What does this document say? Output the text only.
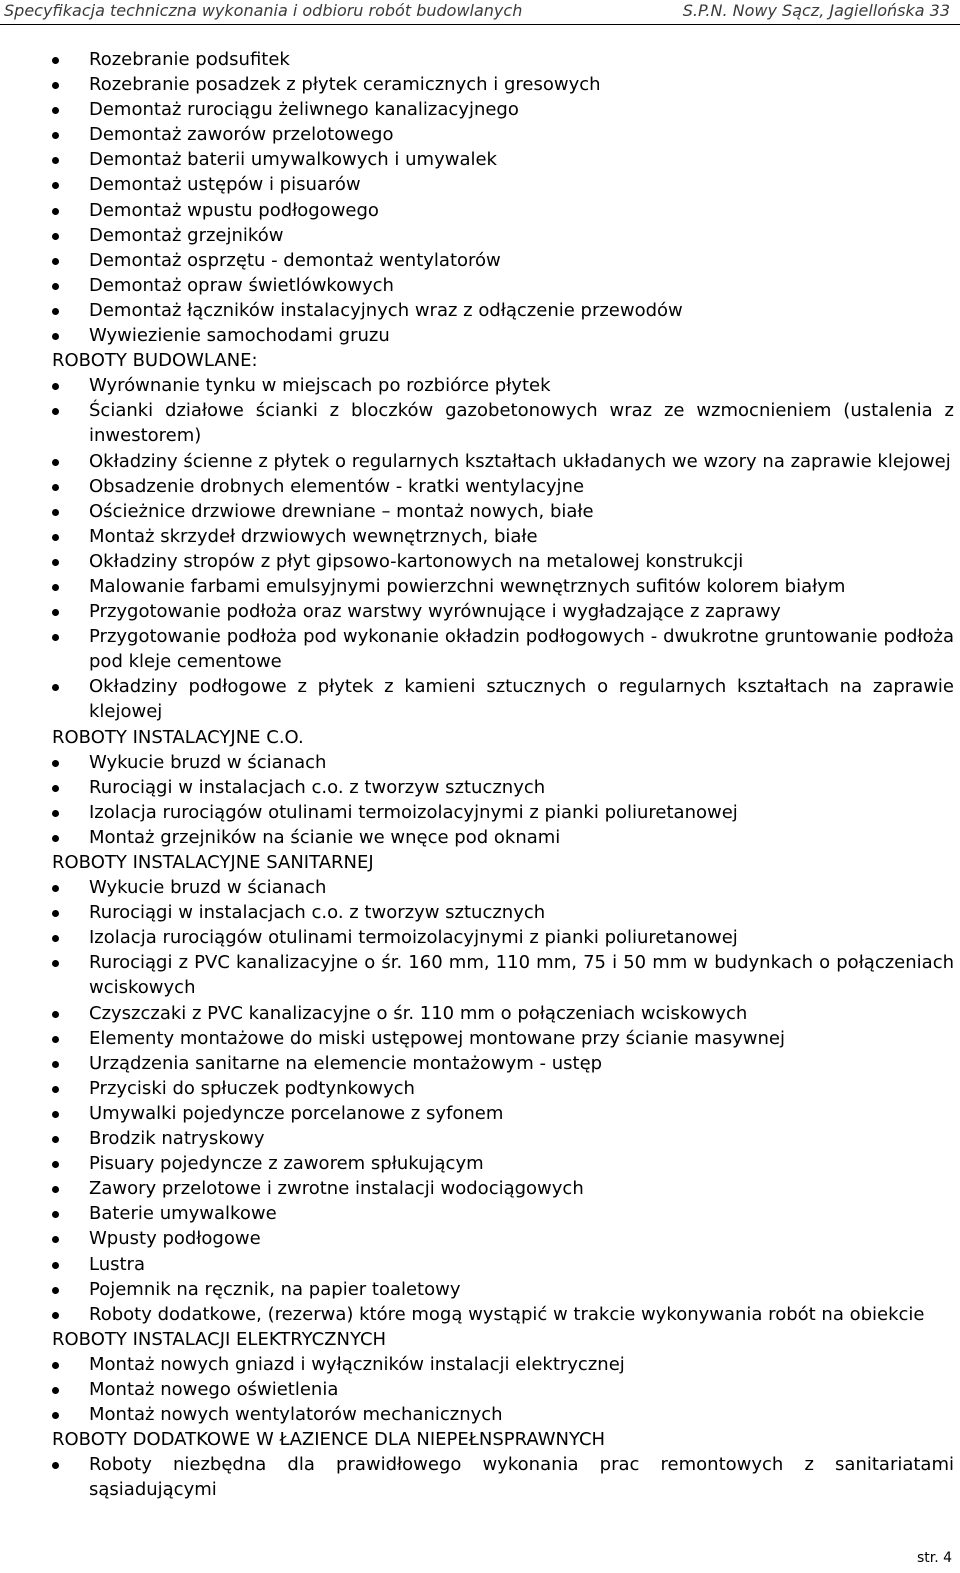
Specyfikacja techniczna wykonania i odbioru robót budowlanych	S.P.N. Nowy Sącz, Jagiellońska 33
Rozebranie podsufitek
Rozebranie posadzek z płytek ceramicznych i gresowych
Demontaż rurociągu żeliwnego kanalizacyjnego
Demontaż zaworów przelotowego
Demontaż baterii umywalkowych i umywalek
Demontaż ustępów i pisuarów
Demontaż wpustu podłogowego
Demontaż grzejników
Demontaż osprzętu - demontaż wentylatorów
Demontaż opraw świetlówkowych
Demontaż łączników instalacyjnych wraz z odłączenie przewodów
Wywiezienie samochodami gruzu
ROBOTY BUDOWLANE:
Wyrównanie tynku w miejscach po rozbiórce płytek
Ścianki działowe ścianki z bloczków gazobetonowych wraz ze wzmocnieniem (ustalenia z inwestorem)
Okładziny ścienne z płytek o regularnych kształtach układanych we wzory na zaprawie klejowej
Obsadzenie drobnych elementów - kratki wentylacyjne
Ościeżnice drzwiowe drewniane – montaż nowych, białe
Montaż skrzydeł drzwiowych wewnętrznych, białe
Okładziny stropów z płyt gipsowo-kartonowych na metalowej konstrukcji
Malowanie farbami emulsyjnymi powierzchni wewnętrznych sufitów kolorem białym
Przygotowanie podłoża oraz warstwy wyrównujące i wygładzające z zaprawy
Przygotowanie podłoża pod wykonanie okładzin podłogowych - dwukrotne gruntowanie podłoża pod kleje cementowe
Okładziny podłogowe z płytek z kamieni sztucznych o regularnych kształtach na zaprawie klejowej
ROBOTY INSTALACYJNE C.O.
Wykucie bruzd w ścianach
Rurociągi w instalacjach c.o. z tworzyw sztucznych
Izolacja rurociągów otulinami termoizolacyjnymi z pianki poliuretanowej
Montaż grzejników na ścianie we wnęce pod oknami
ROBOTY INSTALACYJNE SANITARNEJ
Wykucie bruzd w ścianach
Rurociągi w instalacjach c.o. z tworzyw sztucznych
Izolacja rurociągów otulinami termoizolacyjnymi z pianki poliuretanowej
Rurociągi z PVC kanalizacyjne o śr. 160 mm, 110 mm, 75 i 50 mm w budynkach o połączeniach wciskowych
Czyszczaki z PVC kanalizacyjne o śr. 110 mm o połączeniach wciskowych
Elementy montażowe do miski ustępowej montowane przy ścianie masywnej
Urządzenia sanitarne na elemencie montażowym - ustęp
Przyciski do spłuczek podtynkowych
Umywalki pojedyncze porcelanowe z syfonem
Brodzik natryskowy
Pisuary pojedyncze z zaworem spłukującym
Zawory przelotowe i zwrotne instalacji wodociągowych
Baterie umywalkowe
Wpusty podłogowe
Lustra
Pojemnik na ręcznik, na papier toaletowy
Roboty dodatkowe, (rezerwa) które mogą wystąpić w trakcie wykonywania robót na obiekcie
ROBOTY INSTALACJI ELEKTRYCZNYCH
Montaż nowych gniazd i wyłączników instalacji elektrycznej
Montaż nowego oświetlenia
Montaż nowych wentylatorów mechanicznych
ROBOTY DODATKOWE W ŁAZIENCE DLA NIEPEŁNSPRAWNYCH
Roboty niezbędna dla prawidłowego wykonania prac remontowych z sanitariatami sąsiadującymi
str. 4
